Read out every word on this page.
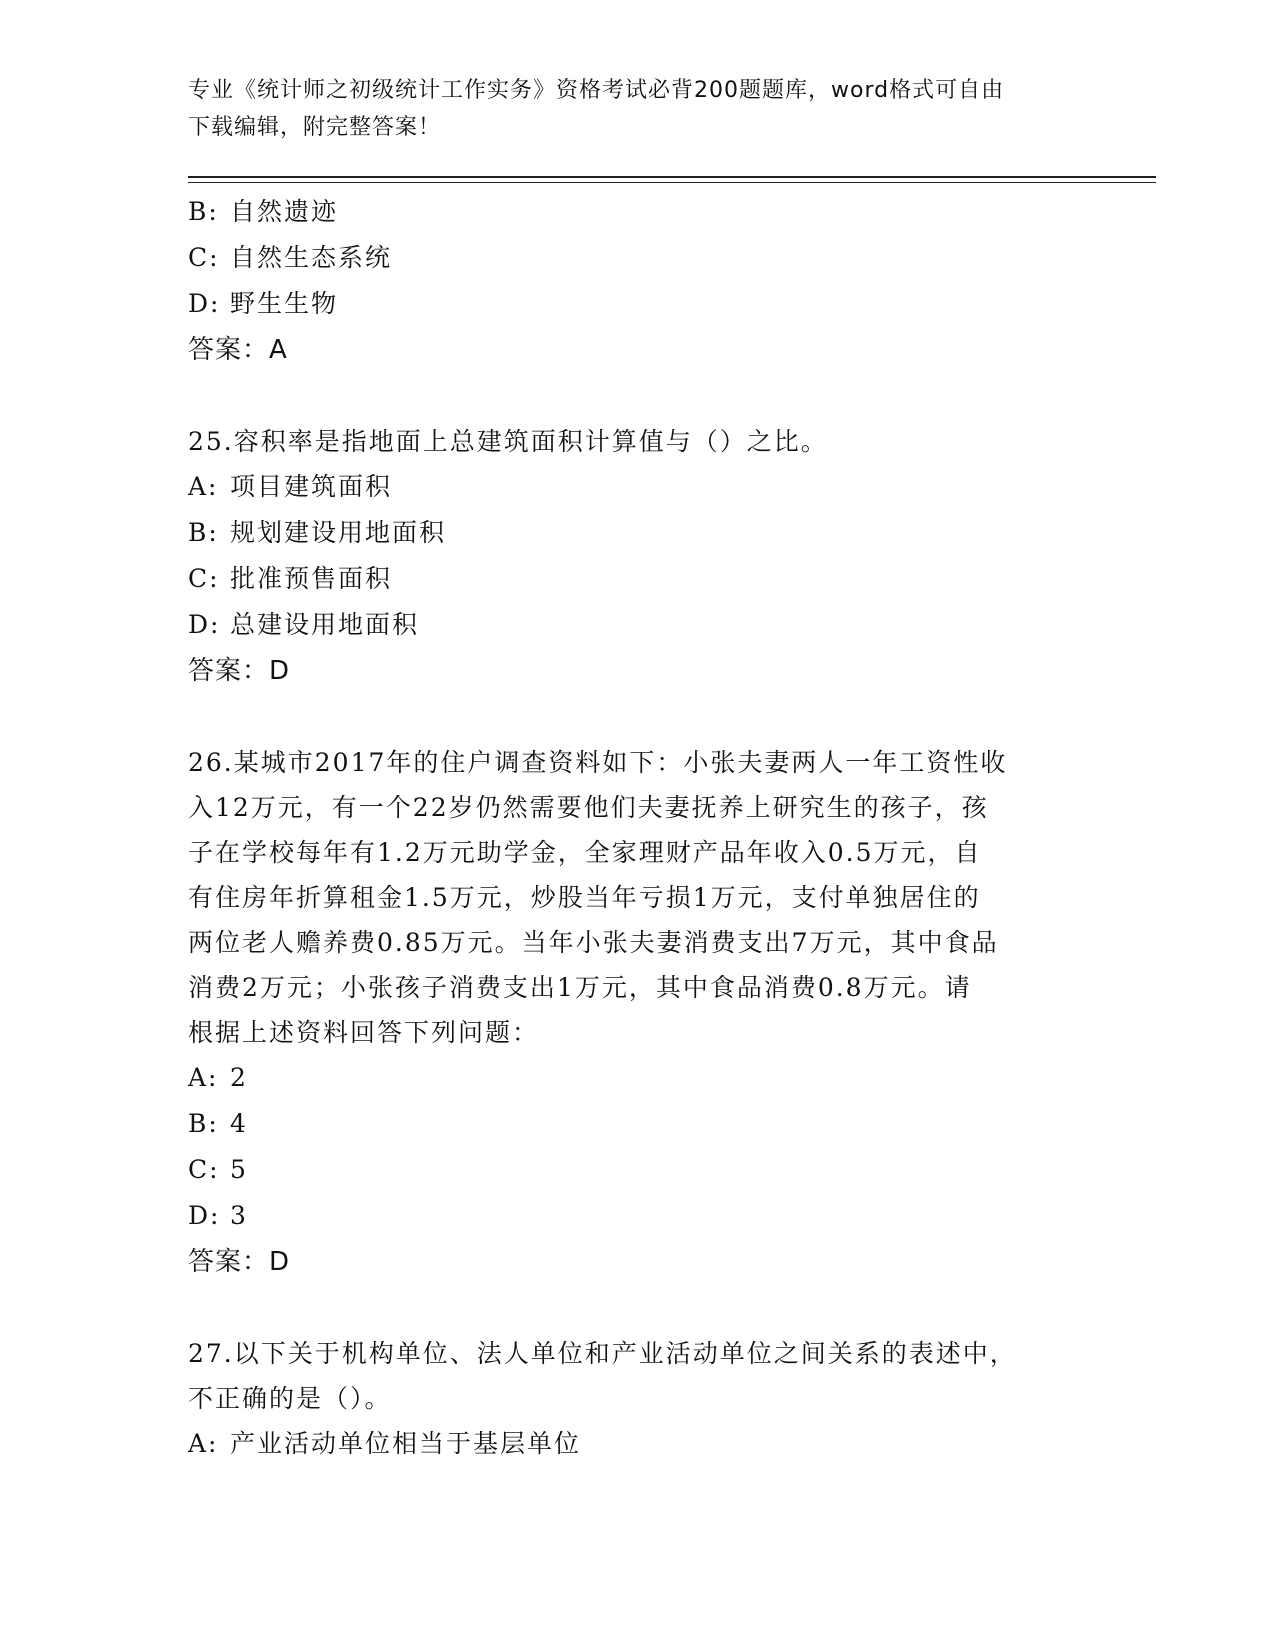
专业《统计师之初级统计工作实务》资格考试必背200题题库，word格式可自由
下载编辑，附完整答案！
B: 自然遗迹
C: 自然生态系统
D: 野生生物
答案：A
25.容积率是指地面上总建筑面积计算值与（）之比。
A: 项目建筑面积
B: 规划建设用地面积
C: 批准预售面积
D: 总建设用地面积
答案：D
26.某城市2017年的住户调查资料如下：小张夫妻两人一年工资性收
入12万元，有一个22岁仍然需要他们夫妻抚养上研究生的孩子，孩
子在学校每年有1.2万元助学金，全家理财产品年收入0.5万元，自
有住房年折算租金1.5万元，炒股当年亏损1万元，支付单独居住的
两位老人赡养费0.85万元。当年小张夫妻消费支出7万元，其中食品
消费2万元；小张孩子消费支出1万元，其中食品消费0.8万元。请
根据上述资料回答下列问题：
A: 2
B: 4
C: 5
D: 3
答案：D
27.以下关于机构单位、法人单位和产业活动单位之间关系的表述中，
不正确的是（）。
A: 产业活动单位相当于基层单位
